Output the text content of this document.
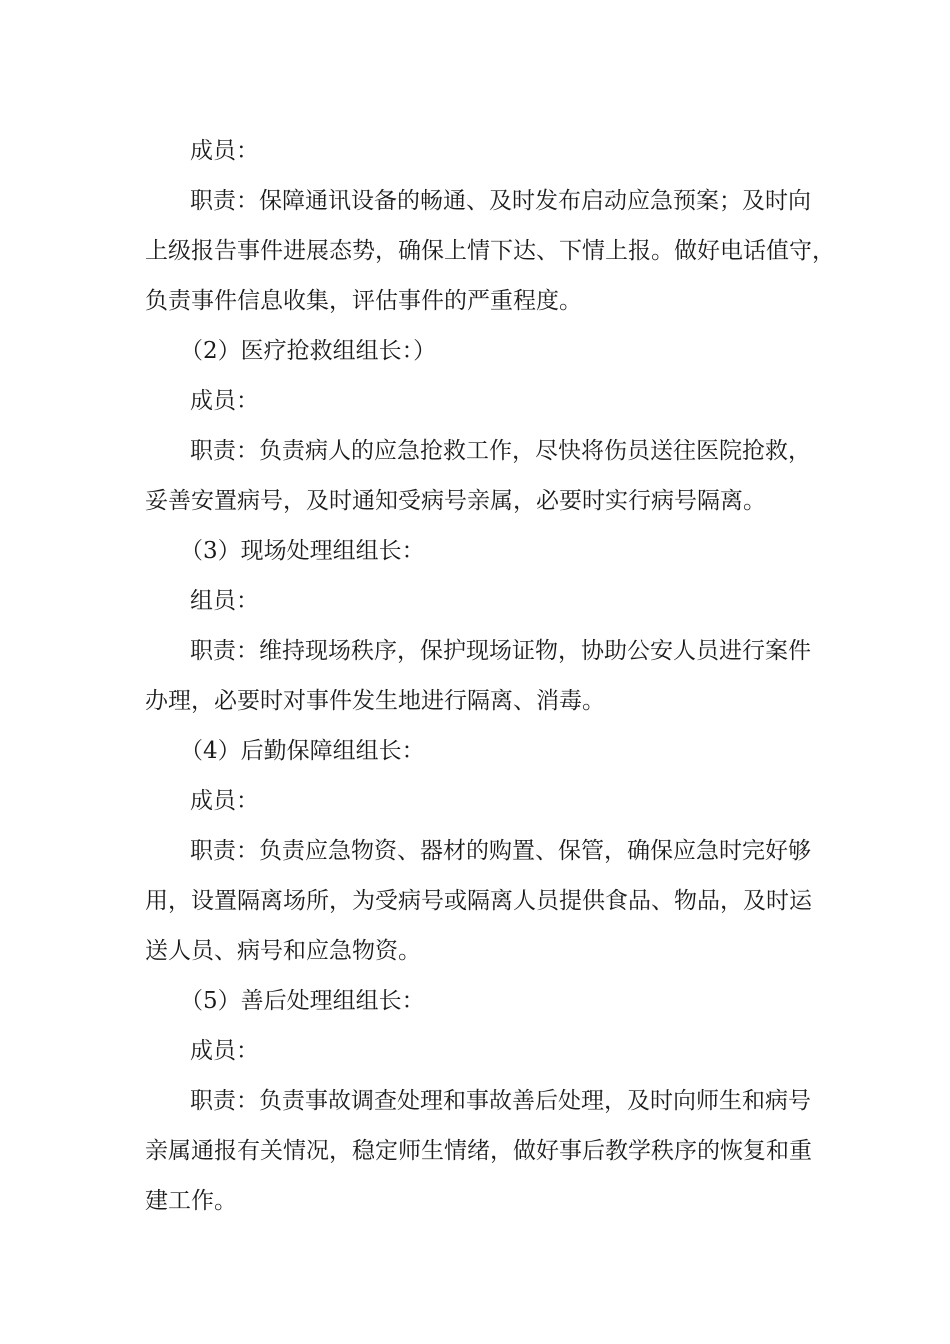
成员：
职责：保障通讯设备的畅通、及时发布启动应急预案；及时向
上级报告事件进展态势，确保上情下达、下情上报。做好电话值守，
负责事件信息收集，评估事件的严重程度。
（2）医疗抢救组组长：）
成员：
职责：负责病人的应急抢救工作，尽快将伤员送往医院抢救，
妥善安置病号，及时通知受病号亲属，必要时实行病号隔离。
（3）现场处理组组长：
组员：
职责：维持现场秩序，保护现场证物，协助公安人员进行案件
办理，必要时对事件发生地进行隔离、消毒。
（4）后勤保障组组长：
成员：
职责：负责应急物资、器材的购置、保管，确保应急时完好够
用，设置隔离场所，为受病号或隔离人员提供食品、物品，及时运
送人员、病号和应急物资。
（5）善后处理组组长：
成员：
职责：负责事故调查处理和事故善后处理，及时向师生和病号
亲属通报有关情况，稳定师生情绪，做好事后教学秩序的恢复和重
建工作。
